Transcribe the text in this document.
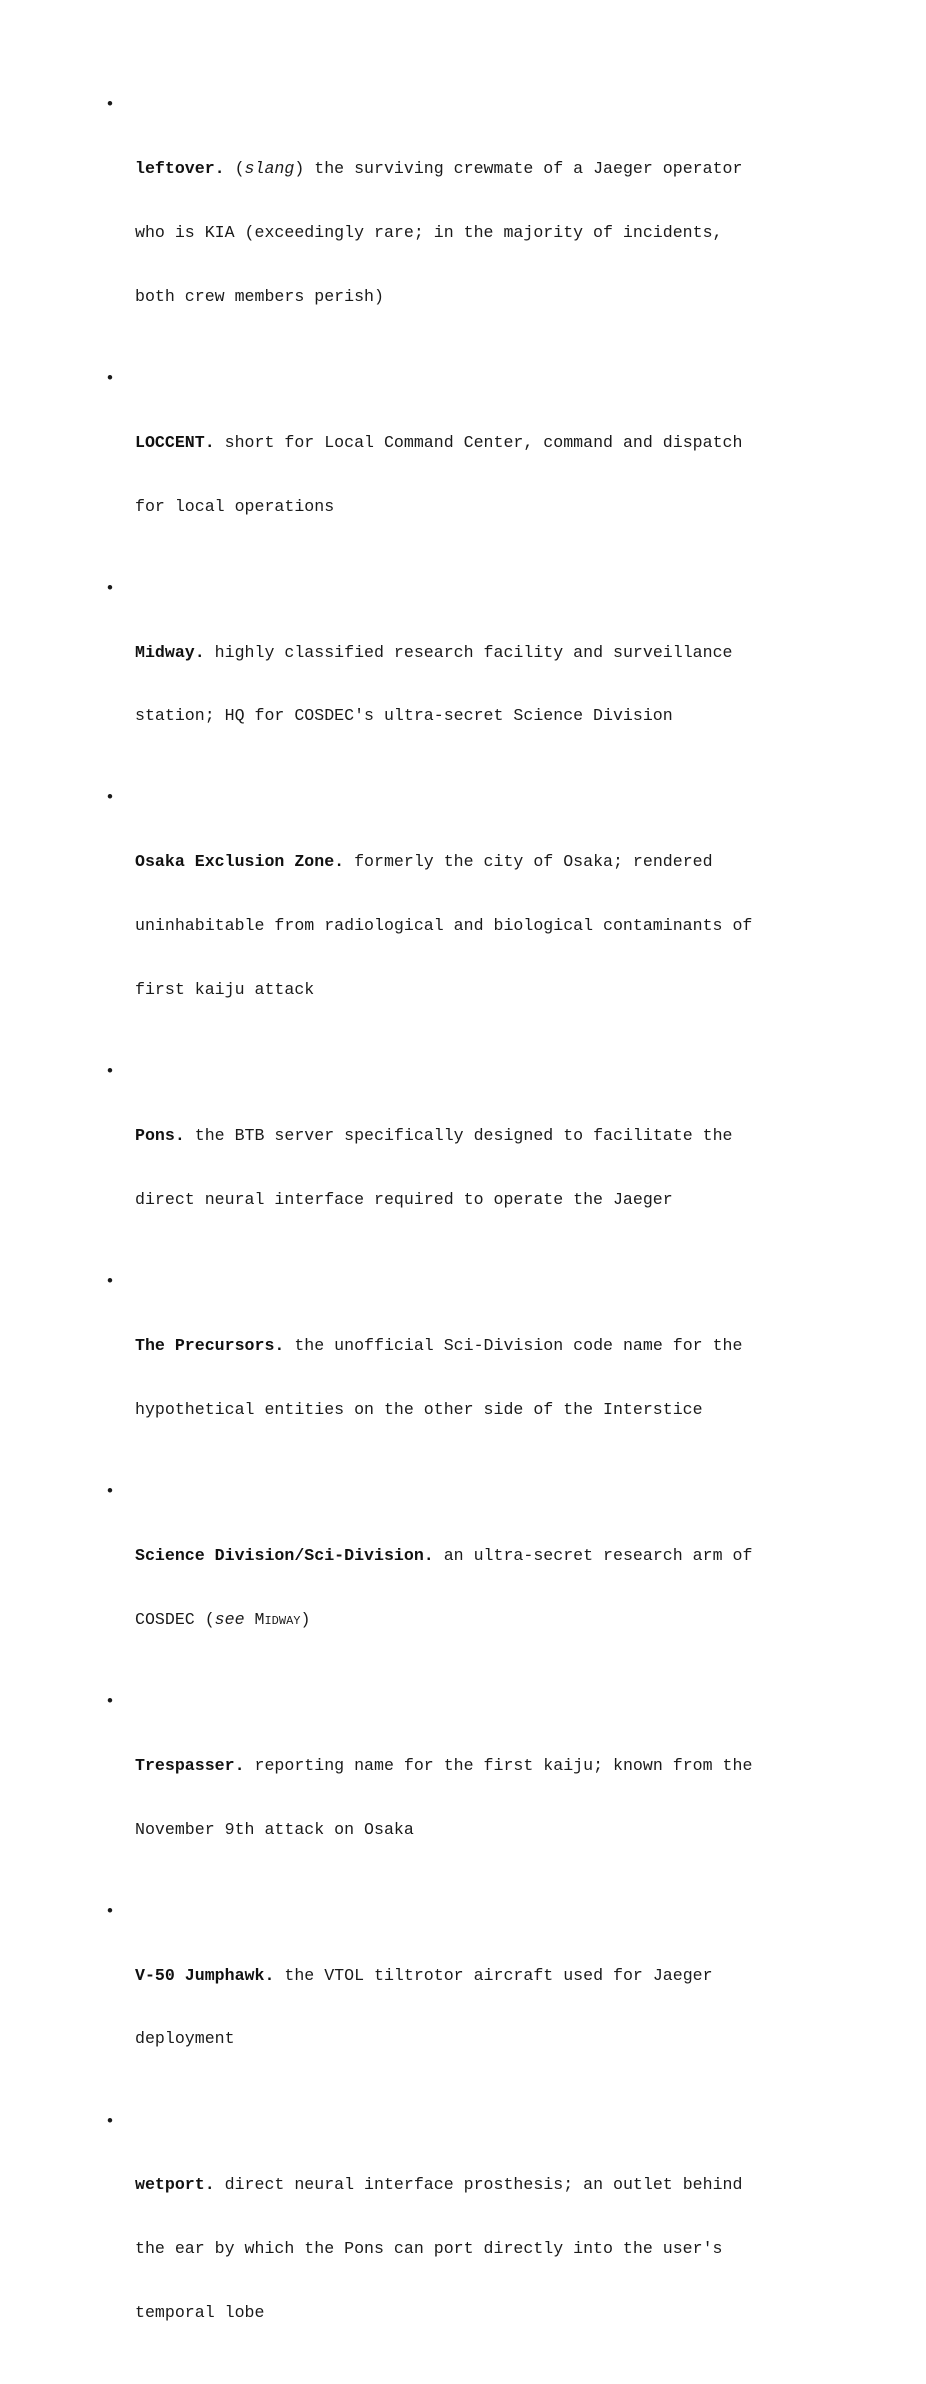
•

leftover. (slang) the surviving crewmate of a Jaeger operator

who is KIA (exceedingly rare; in the majority of incidents,

both crew members perish)

•

LOCCENT. short for Local Command Center, command and dispatch

for local operations

•

Midway. highly classified research facility and surveillance

station; HQ for COSDEC's ultra-secret Science Division

•

Osaka Exclusion Zone. formerly the city of Osaka; rendered

uninhabitable from radiological and biological contaminants of

first kaiju attack

•

Pons. the BTB server specifically designed to facilitate the

direct neural interface required to operate the Jaeger

•

The Precursors. the unofficial Sci-Division code name for the

hypothetical entities on the other side of the Interstice

•

Science Division/Sci-Division. an ultra-secret research arm of

COSDEC (see Midway)

•

Trespasser. reporting name for the first kaiju; known from the

November 9th attack on Osaka

•

V-50 Jumphawk. the VTOL tiltrotor aircraft used for Jaeger

deployment

•

wetport. direct neural interface prosthesis; an outlet behind

the ear by which the Pons can port directly into the user's

temporal lobe
